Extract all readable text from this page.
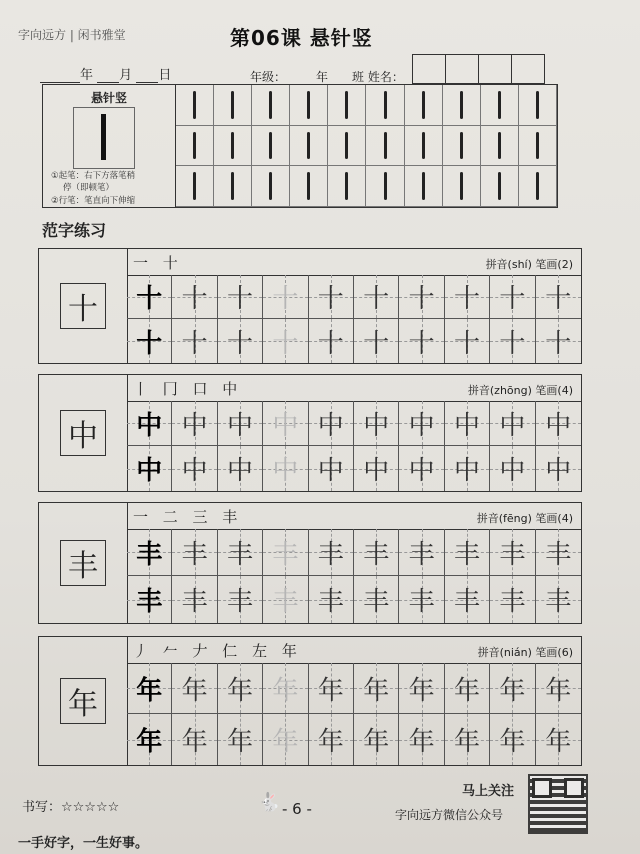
字向远方 | 闲书雅堂	第06课 悬针竖
年 月 日	年级：	年 班 姓名：
悬针竖
①起笔：右下方落笔稍
停（即顿笔）
②行笔：笔直向下伸缩
范字练习
十
一 十	拼音(shí) 笔画(2)
十 十 十 十 十 十 十 十 十 十
十 十 十 十 十 十 十 十 十 十
中
丨 冂 口 中	拼音(zhōng) 笔画(4)
中 中 中 中 中 中 中 中 中 中
中 中 中 中 中 中 中 中 中 中
丰
一 二 三 丰	拼音(fēng) 笔画(4)
丰 丰 丰 丰 丰 丰 丰 丰 丰 丰
丰 丰 丰 丰 丰 丰 丰 丰 丰 丰
年
丿 𠂉 𠂇 仁 左 年	拼音(nián) 笔画(6)
年 年 年 年 年 年 年 年 年 年
年 年 年 年 年 年 年 年 年 年
书写：☆☆☆☆☆	🐇 - 6 -
马上关注
字向远方微信公众号
一手好字，一生好事。
